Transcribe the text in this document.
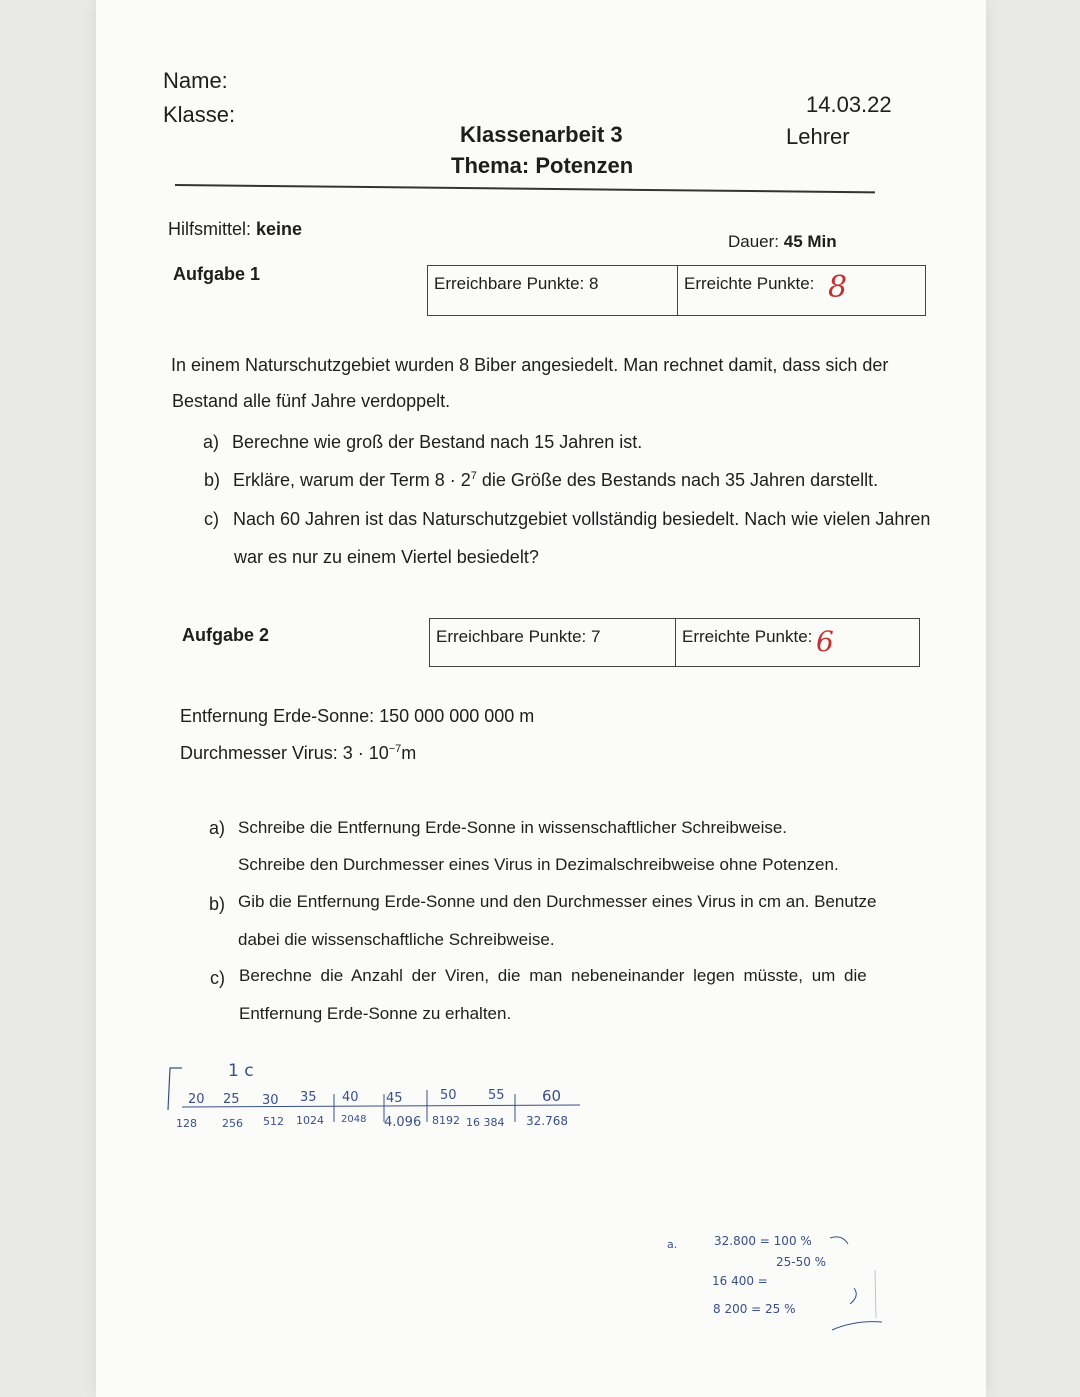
Name:
Klasse:	14.03.22
Lehrer
Klassenarbeit 3
Thema: Potenzen
Hilfsmittel: keine
Dauer: 45 Min
Aufgabe 1	Erreichbare Punkte: 8	Erreichte Punkte: 8
In einem Naturschutzgebiet wurden 8 Biber angesiedelt. Man rechnet damit, dass sich der
Bestand alle fünf Jahre verdoppelt.
a) Berechne wie groß der Bestand nach 15 Jahren ist.
b) Erkläre, warum der Term $8 \cdot 2^7$ die Größe des Bestands nach 35 Jahren darstellt.
c) Nach 60 Jahren ist das Naturschutzgebiet vollständig besiedelt. Nach wie vielen Jahren
war es nur zu einem Viertel besiedelt?
Aufgabe 2	Erreichbare Punkte: 7	Erreichte Punkte: 6
Entfernung Erde-Sonne: 150 000 000 000 m
Durchmesser Virus: $3 \cdot 10^{-7}m$
a) Schreibe die Entfernung Erde-Sonne in wissenschaftlicher Schreibweise.
Schreibe den Durchmesser eines Virus in Dezimalschreibweise ohne Potenzen.
b) Gib die Entfernung Erde-Sonne und den Durchmesser eines Virus in cm an. Benutze
dabei die wissenschaftliche Schreibweise.
c) Berechne die Anzahl der Viren, die man nebeneinander legen müsste, um die
Entfernung Erde-Sonne zu erhalten.
1 c
20 25 30 35 40 45	50 55 60
128 256 512 1024 2048 4.096 8192 16 384 32.768
a.	32.800 = 100 %
25-50 %
16 400 =
8 200 = 25 %
